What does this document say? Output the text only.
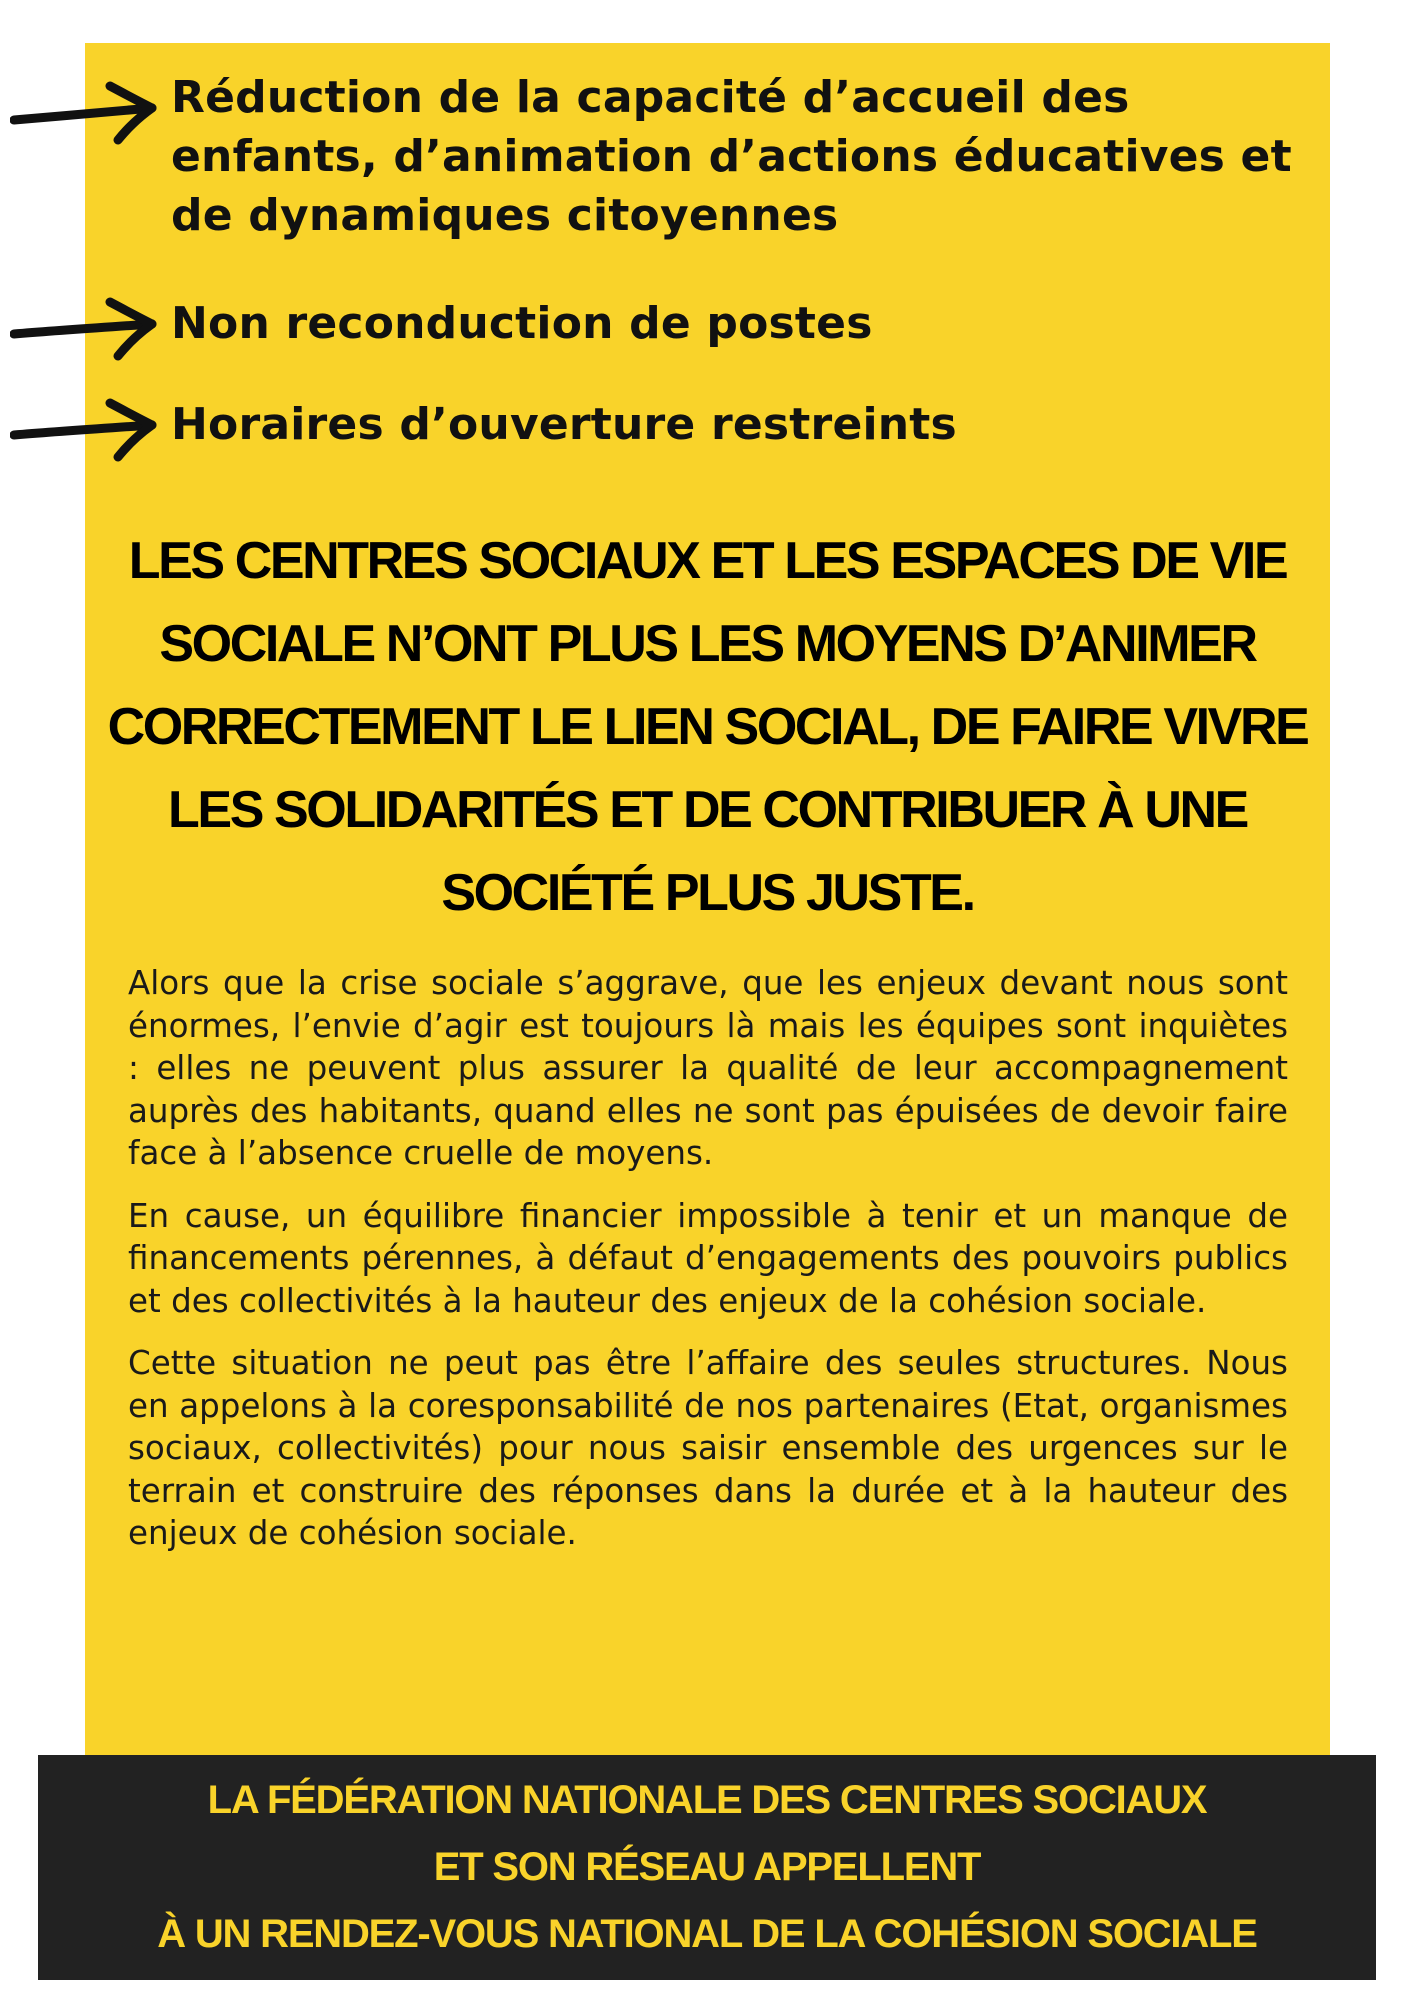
Réduction de la capacité d’accueil des enfants, d’animation d’actions éducatives et de dynamiques citoyennes
Non reconduction de postes
Horaires d’ouverture restreints
LES CENTRES SOCIAUX ET LES ESPACES DE VIE SOCIALE N’ONT PLUS LES MOYENS D’ANIMER CORRECTEMENT LE LIEN SOCIAL, DE FAIRE VIVRE LES SOLIDARITÉS ET DE CONTRIBUER À UNE SOCIÉTÉ PLUS JUSTE.

Alors que la crise sociale s’aggrave, que les enjeux devant nous sont énormes, l’envie d’agir est toujours là mais les équipes sont inquiètes : elles ne peuvent plus assurer la qualité de leur accompagnement auprès des habitants, quand elles ne sont pas épuisées de devoir faire face à l’absence cruelle de moyens.

En cause, un équilibre financier impossible à tenir et un manque de financements pérennes, à défaut d’engagements des pouvoirs publics et des collectivités à la hauteur des enjeux de la cohésion sociale.

Cette situation ne peut pas être l’affaire des seules structures. Nous en appelons à la coresponsabilité de nos partenaires (Etat, organismes sociaux, collectivités) pour nous saisir ensemble des urgences sur le terrain et construire des réponses dans la durée et à la hauteur des enjeux de cohésion sociale.

LA FÉDÉRATION NATIONALE DES CENTRES SOCIAUX
ET SON RÉSEAU APPELLENT
À UN RENDEZ-VOUS NATIONAL DE LA COHÉSION SOCIALE
